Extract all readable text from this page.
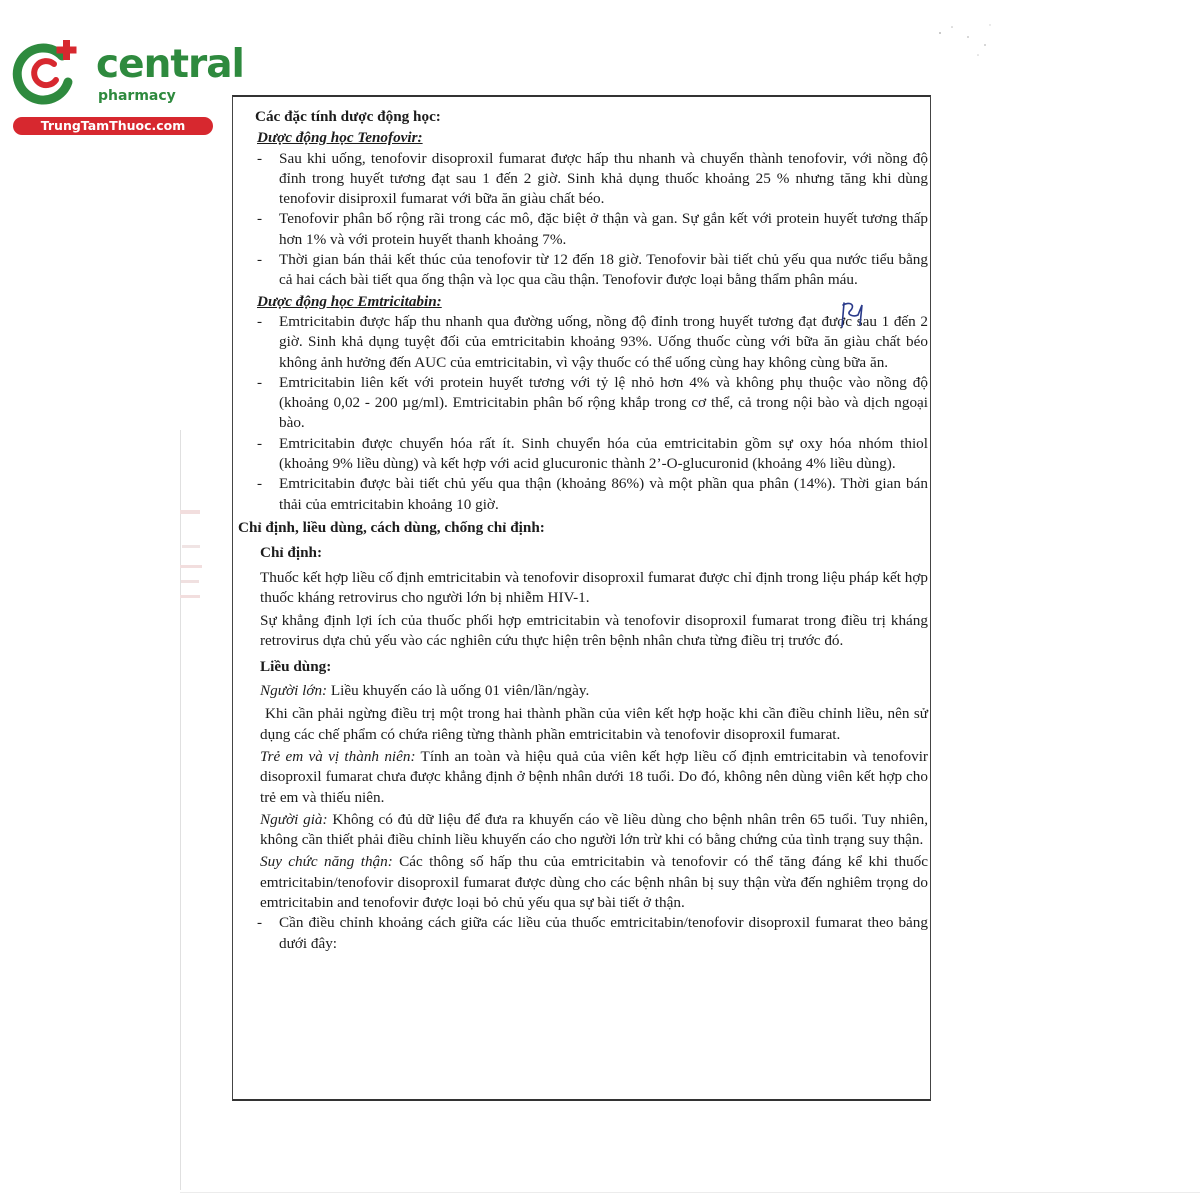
central
pharmacy
TrungTamThuoc.com
Các đặc tính dược động học:
Dược động học Tenofovir:
- Sau khi uống, tenofovir disoproxil fumarat được hấp thu nhanh và chuyển thành tenofovir, với nồng độ đỉnh trong huyết tương đạt sau 1 đến 2 giờ. Sinh khả dụng thuốc khoảng 25 % nhưng tăng khi dùng tenofovir disiproxil fumarat với bữa ăn giàu chất béo.
- Tenofovir phân bố rộng rãi trong các mô, đặc biệt ở thận và gan. Sự gắn kết với protein huyết tương thấp hơn 1% và với protein huyết thanh khoảng 7%.
- Thời gian bán thải kết thúc của tenofovir từ 12 đến 18 giờ. Tenofovir bài tiết chủ yếu qua nước tiểu bằng cả hai cách bài tiết qua ống thận và lọc qua cầu thận. Tenofovir được loại bằng thẩm phân máu.
Dược động học Emtricitabin:
- Emtricitabin được hấp thu nhanh qua đường uống, nồng độ đỉnh trong huyết tương đạt được sau 1 đến 2 giờ. Sinh khả dụng tuyệt đối của emtricitabin khoảng 93%. Uống thuốc cùng với bữa ăn giàu chất béo không ảnh hưởng đến AUC của emtricitabin, vì vậy thuốc có thể uống cùng hay không cùng bữa ăn.
- Emtricitabin liên kết với protein huyết tương với tỷ lệ nhỏ hơn 4% và không phụ thuộc vào nồng độ (khoảng 0,02 - 200 µg/ml). Emtricitabin phân bố rộng khắp trong cơ thể, cả trong nội bào và dịch ngoại bào.
- Emtricitabin được chuyển hóa rất ít. Sinh chuyển hóa của emtricitabin gồm sự oxy hóa nhóm thiol (khoảng 9% liều dùng) và kết hợp với acid glucuronic thành 2’-O-glucuronid (khoảng 4% liều dùng).
- Emtricitabin được bài tiết chủ yếu qua thận (khoảng 86%) và một phần qua phân (14%). Thời gian bán thải của emtricitabin khoảng 10 giờ.
Chỉ định, liều dùng, cách dùng, chống chỉ định:
Chỉ định:

Thuốc kết hợp liều cố định emtricitabin và tenofovir disoproxil fumarat được chỉ định trong liệu pháp kết hợp thuốc kháng retrovirus cho người lớn bị nhiễm HIV-1.

Sự khẳng định lợi ích của thuốc phối hợp emtricitabin và tenofovir disoproxil fumarat trong điều trị kháng retrovirus dựa chủ yếu vào các nghiên cứu thực hiện trên bệnh nhân chưa từng điều trị trước đó.

Liều dùng:

Người lớn: Liều khuyến cáo là uống 01 viên/lần/ngày.

Khi cần phải ngừng điều trị một trong hai thành phần của viên kết hợp hoặc khi cần điều chỉnh liều, nên sử dụng các chế phẩm có chứa riêng từng thành phần emtricitabin và tenofovir disoproxil fumarat.

Trẻ em và vị thành niên: Tính an toàn và hiệu quả của viên kết hợp liều cố định emtricitabin và tenofovir disoproxil fumarat chưa được khẳng định ở bệnh nhân dưới 18 tuổi. Do đó, không nên dùng viên kết hợp cho trẻ em và thiếu niên.

Người già: Không có đủ dữ liệu để đưa ra khuyến cáo về liều dùng cho bệnh nhân trên 65 tuổi. Tuy nhiên, không cần thiết phải điều chỉnh liều khuyến cáo cho người lớn trừ khi có bằng chứng của tình trạng suy thận.

Suy chức năng thận: Các thông số hấp thu của emtricitabin và tenofovir có thể tăng đáng kể khi thuốc emtricitabin/tenofovir disoproxil fumarat được dùng cho các bệnh nhân bị suy thận vừa đến nghiêm trọng do emtricitabin and tenofovir được loại bỏ chủ yếu qua sự bài tiết ở thận.

- Cần điều chỉnh khoảng cách giữa các liều của thuốc emtricitabin/tenofovir disoproxil fumarat theo bảng dưới đây:
